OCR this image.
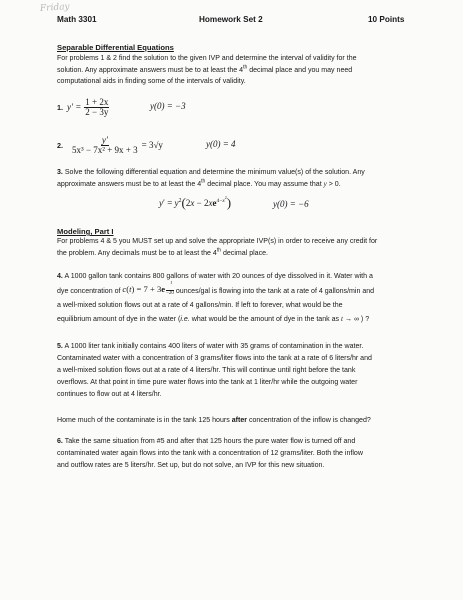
Friday
Math 3301	Homework Set 2	10 Points
Separable Differential Equations
For problems 1 & 2 find the solution to the given IVP and determine the interval of validity for the
solution. Any approximate answers must be to at least the 4th decimal place and you may need
computational aids in finding some of the intervals of validity.
1. $y' = \frac{1 + 2x}{2 - 3y}$	y(0) = −3
2. $\frac{y'}{\text{5x³ − 7x² + 9x + 3}} = 3√y$	y(0) = 4
3. Solve the following differential equation and determine the minimum value(s) of the solution. Any
approximate answers must be to at least the 4th decimal place. You may assume that y > 0.
$y' = y^2(2x - 2xe^{4-x^2})$	y(0) = −6
Modeling, Part I
For problems 4 & 5 you MUST set up and solve the appropriate IVP(s) in order to receive any credit for
the problem. Any decimals must be to at least the 4th decimal place.
4. A 1000 gallon tank contains 800 gallons of water with 20 ounces of dye dissolved in it. Water with a
dye concentration of $c(t) = 7 + 3e \frac{t}{-20}$ ounces/gal is flowing into the tank at a rate of 4 gallons/min and
a well-mixed solution flows out at a rate of 4 gallons/min. If left to forever, what would be the
equilibrium amount of dye in the water (i.e. what would be the amount of dye in the tank as t → ∞ ) ?
5. A 1000 liter tank initially contains 400 liters of water with 35 grams of contamination in the water.
Contaminated water with a concentration of 3 grams/liter flows into the tank at a rate of 6 liters/hr and
a well-mixed solution flows out at a rate of 4 liters/hr. This will continue until right before the tank
overflows. At that point in time pure water flows into the tank at 1 liter/hr while the outgoing water
continues to flow out at 4 liters/hr.
Home much of the contaminate is in the tank 125 hours after concentration of the inflow is changed?
6. Take the same situation from #5 and after that 125 hours the pure water flow is turned off and
contaminated water again flows into the tank with a concentration of 12 grams/liter. Both the inflow
and outflow rates are 5 liters/hr. Set up, but do not solve, an IVP for this new situation.
